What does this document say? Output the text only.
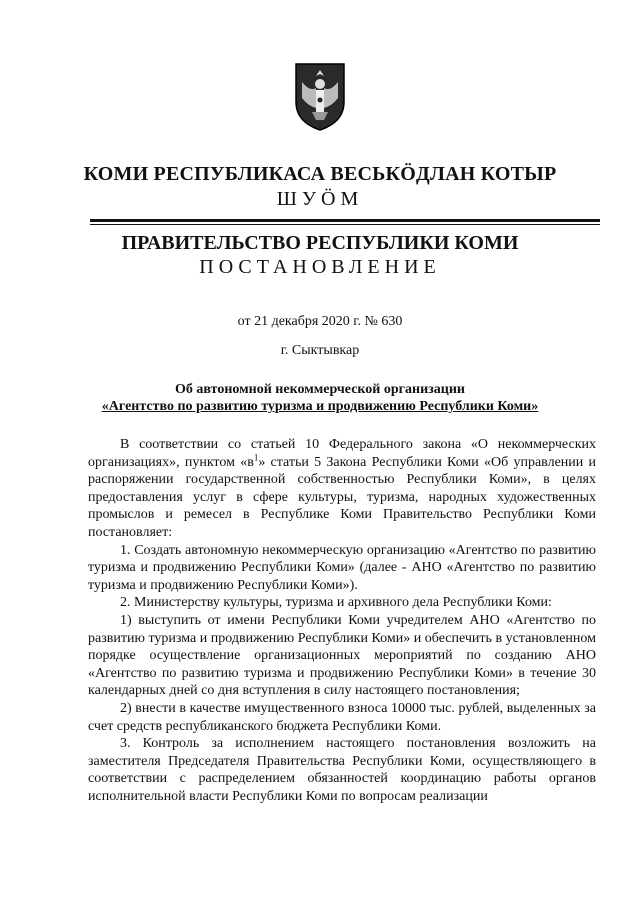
КОМИ РЕСПУБЛИКАСА ВЕСЬКÖДЛАН КОТЫР
ШУÖМ
ПРАВИТЕЛЬСТВО РЕСПУБЛИКИ КОМИ
ПОСТАНОВЛЕНИЕ
от 21 декабря 2020 г. № 630
г. Сыктывкар
Об автономной некоммерческой организации
«Агентство по развитию туризма и продвижению Республики Коми»

В соответствии со статьей 10 Федерального закона «О некоммерческих организациях», пунктом «$в^1$» статьи 5 Закона Республики Коми «Об управлении и распоряжении государственной собственностью Республики Коми», в целях предоставления услуг в сфере культуры, туризма, народных художественных промыслов и ремесел в Республике Коми Правительство Республики Коми постановляет:

1. Создать автономную некоммерческую организацию «Агентство по развитию туризма и продвижению Республики Коми» (далее - АНО «Агентство по развитию туризма и продвижению Республики Коми»).

2. Министерству культуры, туризма и архивного дела Республики Коми:

1) выступить от имени Республики Коми учредителем АНО «Агентство по развитию туризма и продвижению Республики Коми» и обеспечить в установленном порядке осуществление организационных мероприятий по созданию АНО «Агентство по развитию туризма и продвижению Республики Коми» в течение 30 календарных дней со дня вступления в силу настоящего постановления;

2) внести в качестве имущественного взноса 10000 тыс. рублей, выделенных за счет средств республиканского бюджета Республики Коми.

3. Контроль за исполнением настоящего постановления возложить на заместителя Председателя Правительства Республики Коми, осуществляющего в соответствии с распределением обязанностей координацию работы органов исполнительной власти Республики Коми по вопросам реализации
